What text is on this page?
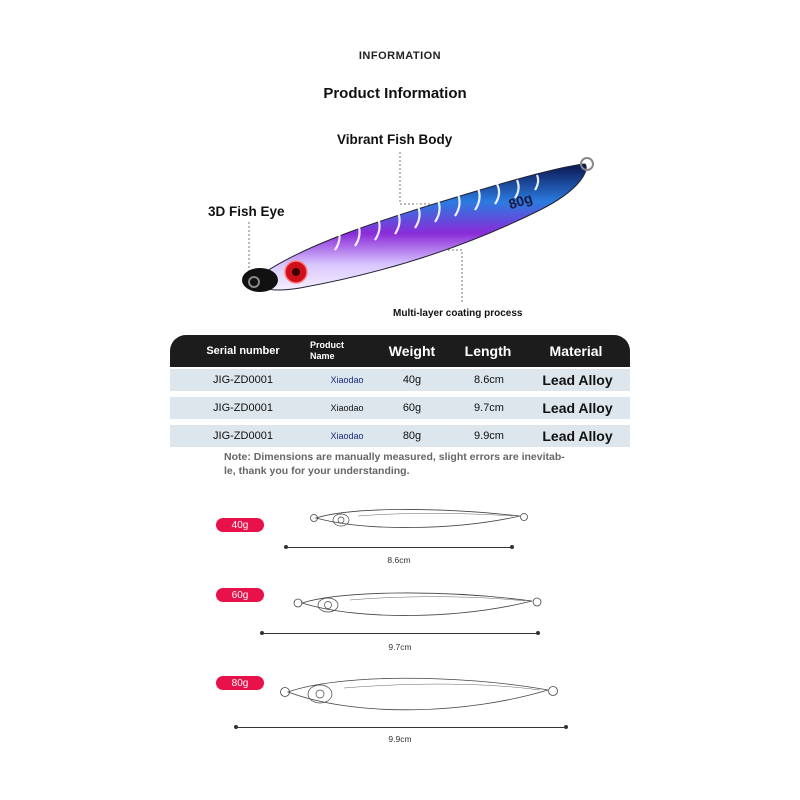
INFORMATION
Product Information
Vibrant Fish Body
3D Fish Eye
Multi-layer coating process
80g
Serial number	Product Name	Weight	Length	Material
JIG-ZD0001	Xiaodao	40g	8.6cm	Lead Alloy
JIG-ZD0001	Xiaodao	60g	9.7cm	Lead Alloy
JIG-ZD0001	Xiaodao	80g	9.9cm	Lead Alloy
Note: Dimensions are manually measured, slight errors are inevitab-
le, thank you for your understanding.
40g
8.6cm
60g
9.7cm
80g
9.9cm
